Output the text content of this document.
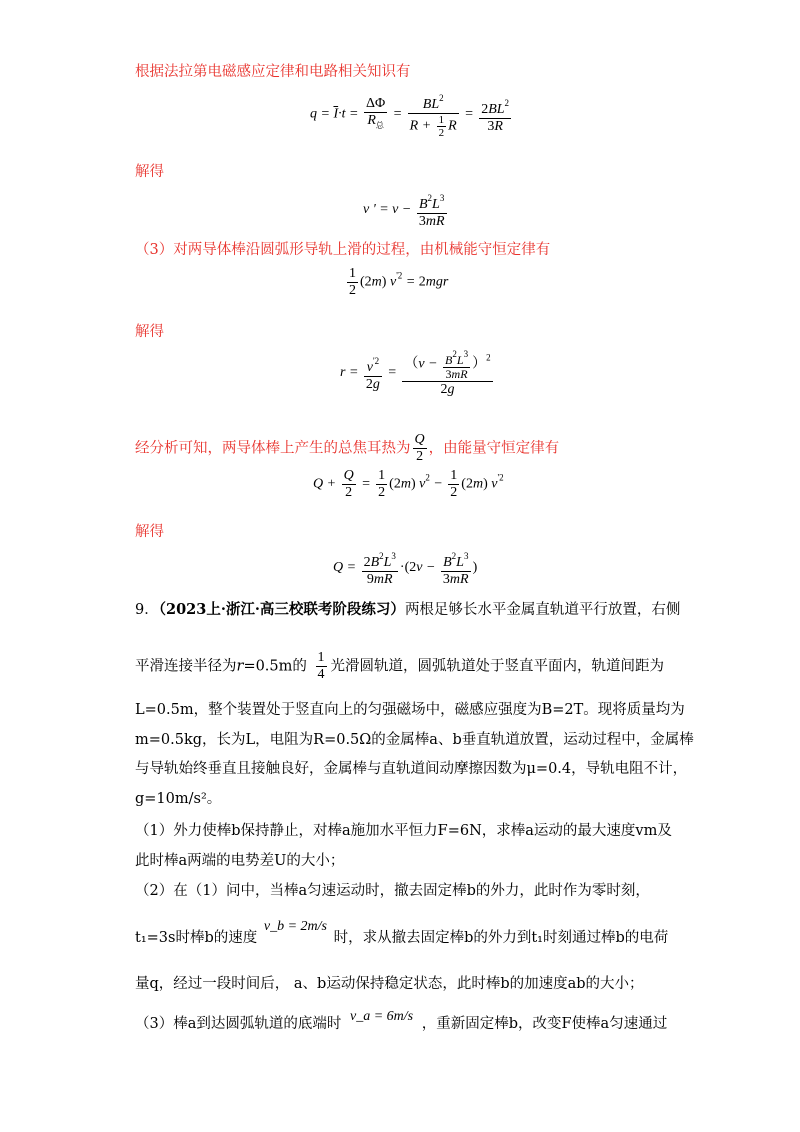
根据法拉第电磁感应定律和电路相关知识有
$q = \overline{I}\cdot t = \frac{\Delta\Phi}{R_总} = \frac{BL^2}{R + \frac{1}{2} R} = \frac{2BL^2}{3R}$
解得
v ' = $v - \frac{B^2L^3}{3mR}$
（3）对两导体棒沿圆弧形导轨上滑的过程，由机械能守恒定律有
$\frac{1}{2} (2m) v^{'2} = 2mgr$
解得
$r = \frac{v^{'2}}{2g} = \frac{(v - \frac{B^2L^3}{3mR} )^2}{2g}$
经分析可知，两导体棒上产生的总焦耳热为 $\frac{Q}{2}$ ，由能量守恒定律有
$Q + \frac{Q}{2} = \frac{1}{2} (2m) v^2 - \frac{1}{2} (2m)$ $v^{'2}$
解得
$Q = \frac{2B^2L^3}{9mR} \cdot(2v - \frac{B^2L^3}{3mR}$ )
9．（2023上·浙江·高三校联考阶段练习）两根足够长水平金属直轨道平行放置，右侧
平滑连接半径为r=0.5m的 $\frac{1}{4}$ 光滑圆轨道，圆弧轨道处于竖直平面内，轨道间距为
L=0.5m，整个装置处于竖直向上的匀强磁场中，磁感应强度为B=2T。现将质量均为
m=0.5kg，长为L，电阻为R=0.5Ω的金属棒a、b垂直轨道放置，运动过程中，金属棒
与导轨始终垂直且接触良好，金属棒与直轨道间动摩擦因数为μ=0.4，导轨电阻不计，
g=10m/s²。
（1）外力使棒b保持静止，对棒a施加水平恒力F=6N，求棒a运动的最大速度vm及
此时棒a两端的电势差U的大小；
（2）在（1）问中，当棒a匀速运动时，撤去固定棒b的外力，此时作为零时刻，
t₁=3s时棒b的速度 v_b = 2m/s 时，求从撤去固定棒b的外力到t₁时刻通过棒b的电荷
量q，经过一段时间后， a、b运动保持稳定状态，此时棒b的加速度ab的大小；
（3）棒a到达圆弧轨道的底端时 v_a = 6m/s ，重新固定棒b，改变F使棒a匀速通过
